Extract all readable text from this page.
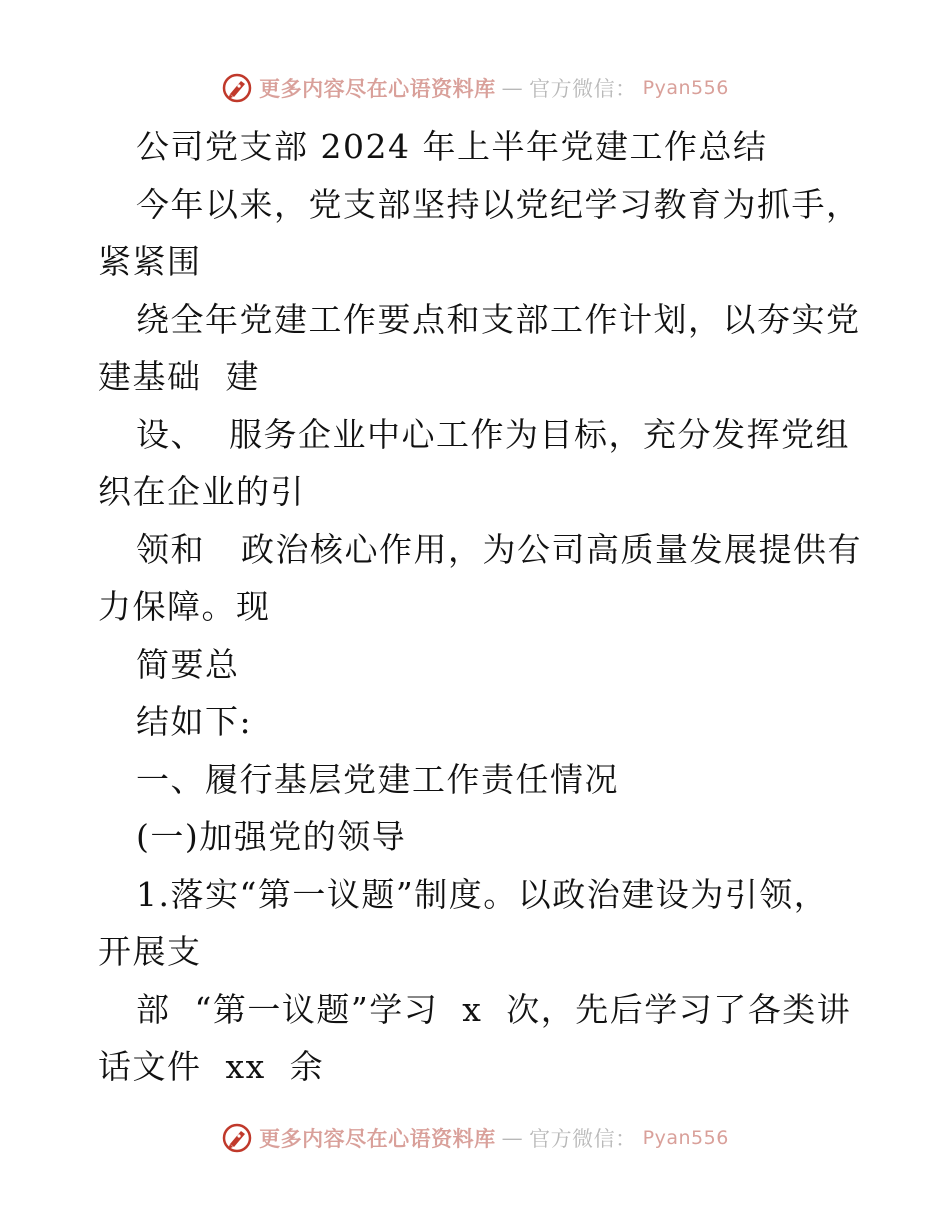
更多内容尽在心语资料库 — 官方微信： Pyan556
公司党支部 2024 年上半年党建工作总结
今年以来，党支部坚持以党纪学习教育为抓手，
紧紧围
绕全年党建工作要点和支部工作计划，以夯实党
建基础  建
设、  服务企业中心工作为目标，充分发挥党组
织在企业的引
领和   政治核心作用，为公司高质量发展提供有
力保障。现
简要总
结如下:
一、履行基层党建工作责任情况
(一)加强党的领导
1.落实“第一议题”制度。以政治建设为引领，
开展支
部  “第一议题”学习  x  次，先后学习了各类讲
话文件  xx  余
更多内容尽在心语资料库 — 官方微信： Pyan556
